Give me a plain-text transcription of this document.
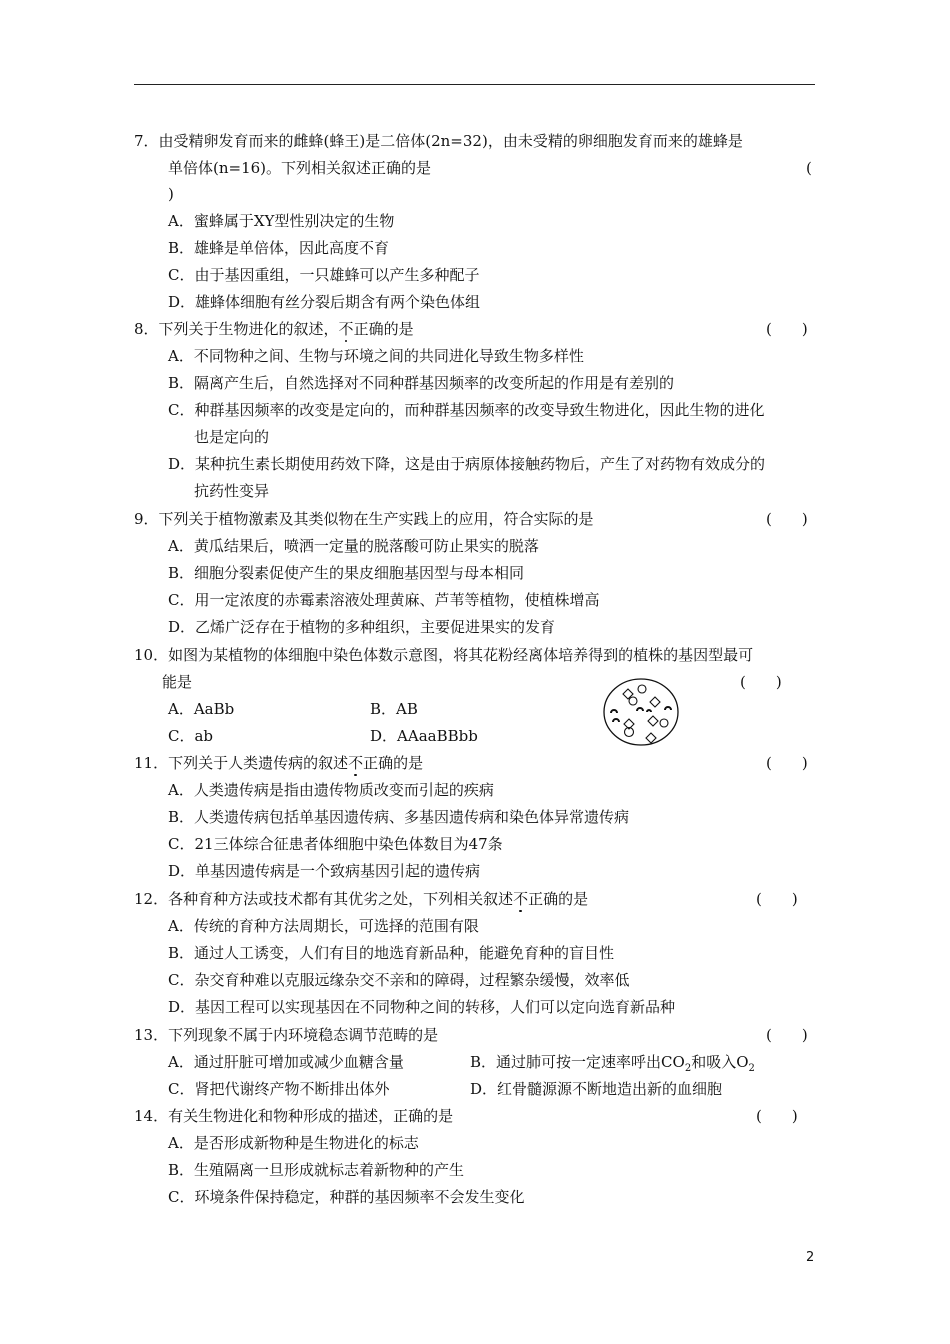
7．由受精卵发育而来的雌蜂(蜂王)是二倍体(2n=32)，由未受精的卵细胞发育而来的雄蜂是
单倍体(n=16)。下列相关叙述正确的是	(
)
A．蜜蜂属于XY型性别决定的生物
B．雄蜂是单倍体，因此高度不育
C．由于基因重组，一只雄蜂可以产生多种配子
D．雄蜂体细胞有丝分裂后期含有两个染色体组
8．下列关于生物进化的叙述，不正确的是	(　　)
A．不同物种之间、生物与环境之间的共同进化导致生物多样性
B．隔离产生后，自然选择对不同种群基因频率的改变所起的作用是有差别的
C．种群基因频率的改变是定向的，而种群基因频率的改变导致生物进化，因此生物的进化
也是定向的
D．某种抗生素长期使用药效下降，这是由于病原体接触药物后，产生了对药物有效成分的
抗药性变异
9．下列关于植物激素及其类似物在生产实践上的应用，符合实际的是	(　　)
A．黄瓜结果后，喷洒一定量的脱落酸可防止果实的脱落
B．细胞分裂素促使产生的果皮细胞基因型与母本相同
C．用一定浓度的赤霉素溶液处理黄麻、芦苇等植物，使植株增高
D．乙烯广泛存在于植物的多种组织，主要促进果实的发育
10．如图为某植物的体细胞中染色体数示意图，将其花粉经离体培养得到的植株的基因型最可
能是	(　　)
A．AaBb	B．AB
C．ab	D．AAaaBBbb
11．下列关于人类遗传病的叙述不正确的是	(　　)
A．人类遗传病是指由遗传物质改变而引起的疾病
B．人类遗传病包括单基因遗传病、多基因遗传病和染色体异常遗传病
C．21三体综合征患者体细胞中染色体数目为47条
D．单基因遗传病是一个致病基因引起的遗传病
12．各种育种方法或技术都有其优劣之处，下列相关叙述不正确的是	(　　)
A．传统的育种方法周期长，可选择的范围有限
B．通过人工诱变，人们有目的地选育新品种，能避免育种的盲目性
C．杂交育种难以克服远缘杂交不亲和的障碍，过程繁杂缓慢，效率低
D．基因工程可以实现基因在不同物种之间的转移，人们可以定向选育新品种
13．下列现象不属于内环境稳态调节范畴的是	(　　)
A．通过肝脏可增加或减少血糖含量	B．通过肺可按一定速率呼出$CO_2$和吸入$O_2$
C．肾把代谢终产物不断排出体外	D．红骨髓源源不断地造出新的血细胞
14．有关生物进化和物种形成的描述，正确的是	(　　)
A．是否形成新物种是生物进化的标志
B．生殖隔离一旦形成就标志着新物种的产生
C．环境条件保持稳定，种群的基因频率不会发生变化
2
